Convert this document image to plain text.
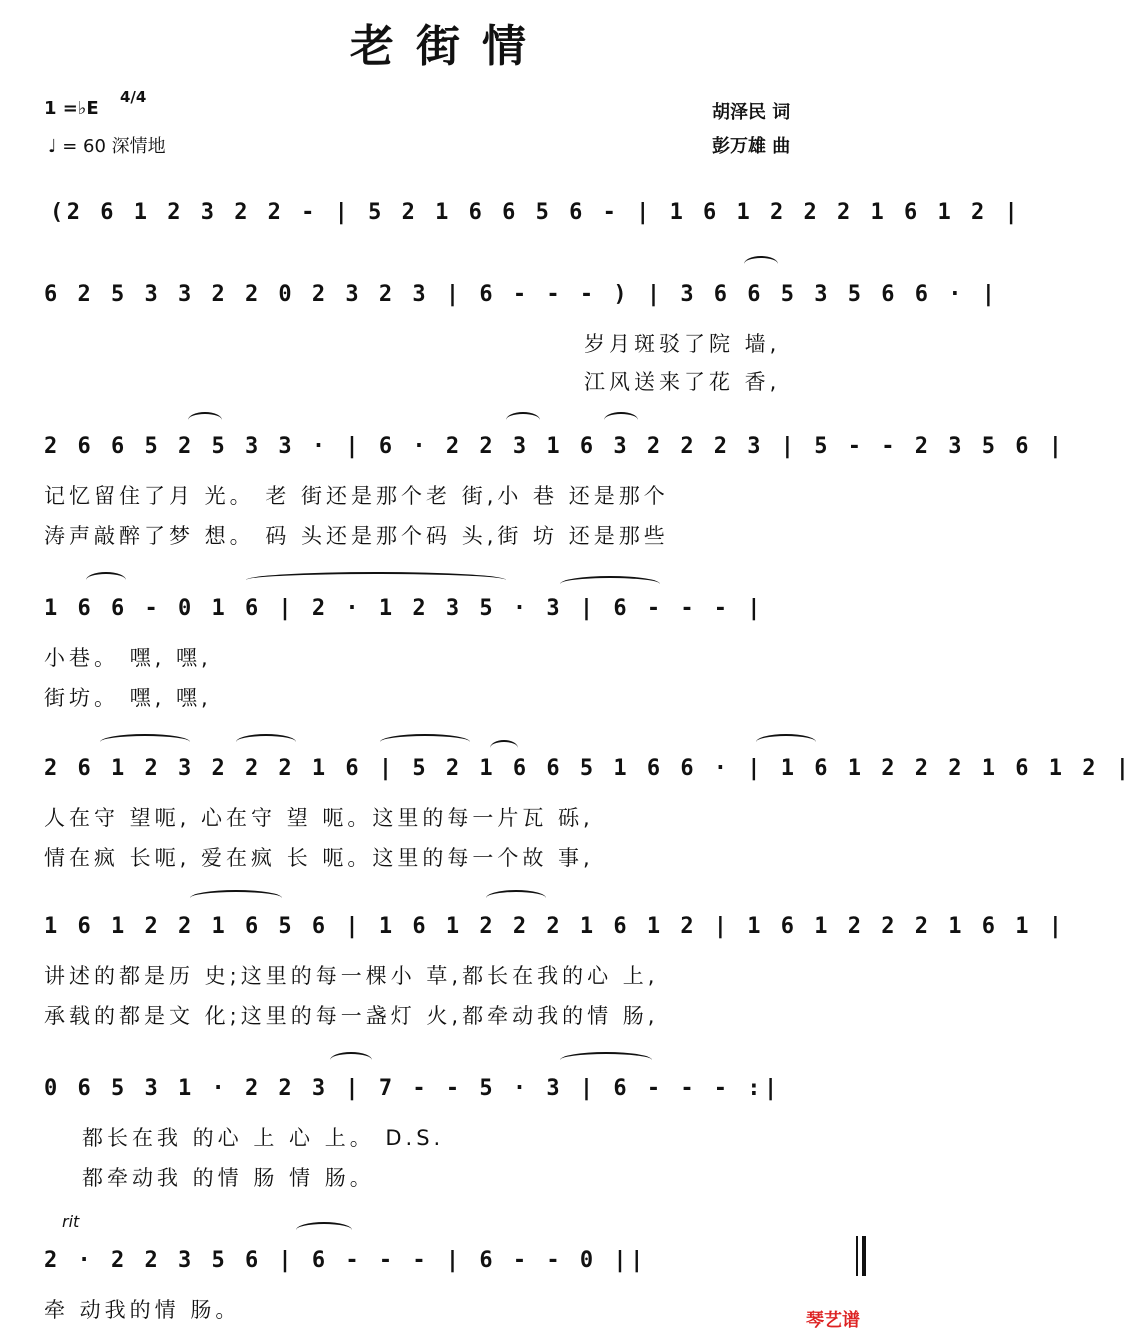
老街情
1 =♭E
4/4
♩ = 60 深情地
胡泽民 词
彭万雄 曲
(2 6 1 2 3 2 2 - | 5 2 1 6 6 5 6 - | 1 6 1 2 2 2 1 6 1 2 |
6 2 5 3 3 2 2 0 2 3 2 3 | 6 - - - ) | 3 6 6 5 3 5 6 6 · |
岁月斑驳了院 墙,
江风送来了花 香,
2 6 6 5 2 5 3 3 · | 6 · 2 2 3 1 6 3 2 2 2 3 | 5 - - 2 3 5 6 |
记忆留住了月 光。 老 街还是那个老 街,小 巷 还是那个
涛声敲醉了梦 想。 码 头还是那个码 头,街 坊 还是那些
1 6 6 - 0 1 6 | 2 · 1 2 3 5 · 3 | 6 - - - |
小巷。 嘿, 嘿,
街坊。 嘿, 嘿,
2 6 1 2 3 2 2 2 1 6 | 5 2 1 6 6 5 1 6 6 · | 1 6 1 2 2 2 1 6 1 2 |
人在守 望呃, 心在守 望 呃。这里的每一片瓦 砾,
情在疯 长呃, 爱在疯 长 呃。这里的每一个故 事,
1 6 1 2 2 1 6 5 6 | 1 6 1 2 2 2 1 6 1 2 | 1 6 1 2 2 2 1 6 1 |
讲述的都是历 史;这里的每一棵小 草,都长在我的心 上,
承载的都是文 化;这里的每一盏灯 火,都牵动我的情 肠,
0 6 5 3 1 · 2 2 3 | 7 - - 5 · 3 | 6 - - - :|
都长在我 的心 上 心 上。 D.S.
都牵动我 的情 肠 情 肠。
rit
2 · 2 2 3 5 6 | 6 - - - | 6 - - 0 ||
牵 动我的情 肠。	琴艺谱
